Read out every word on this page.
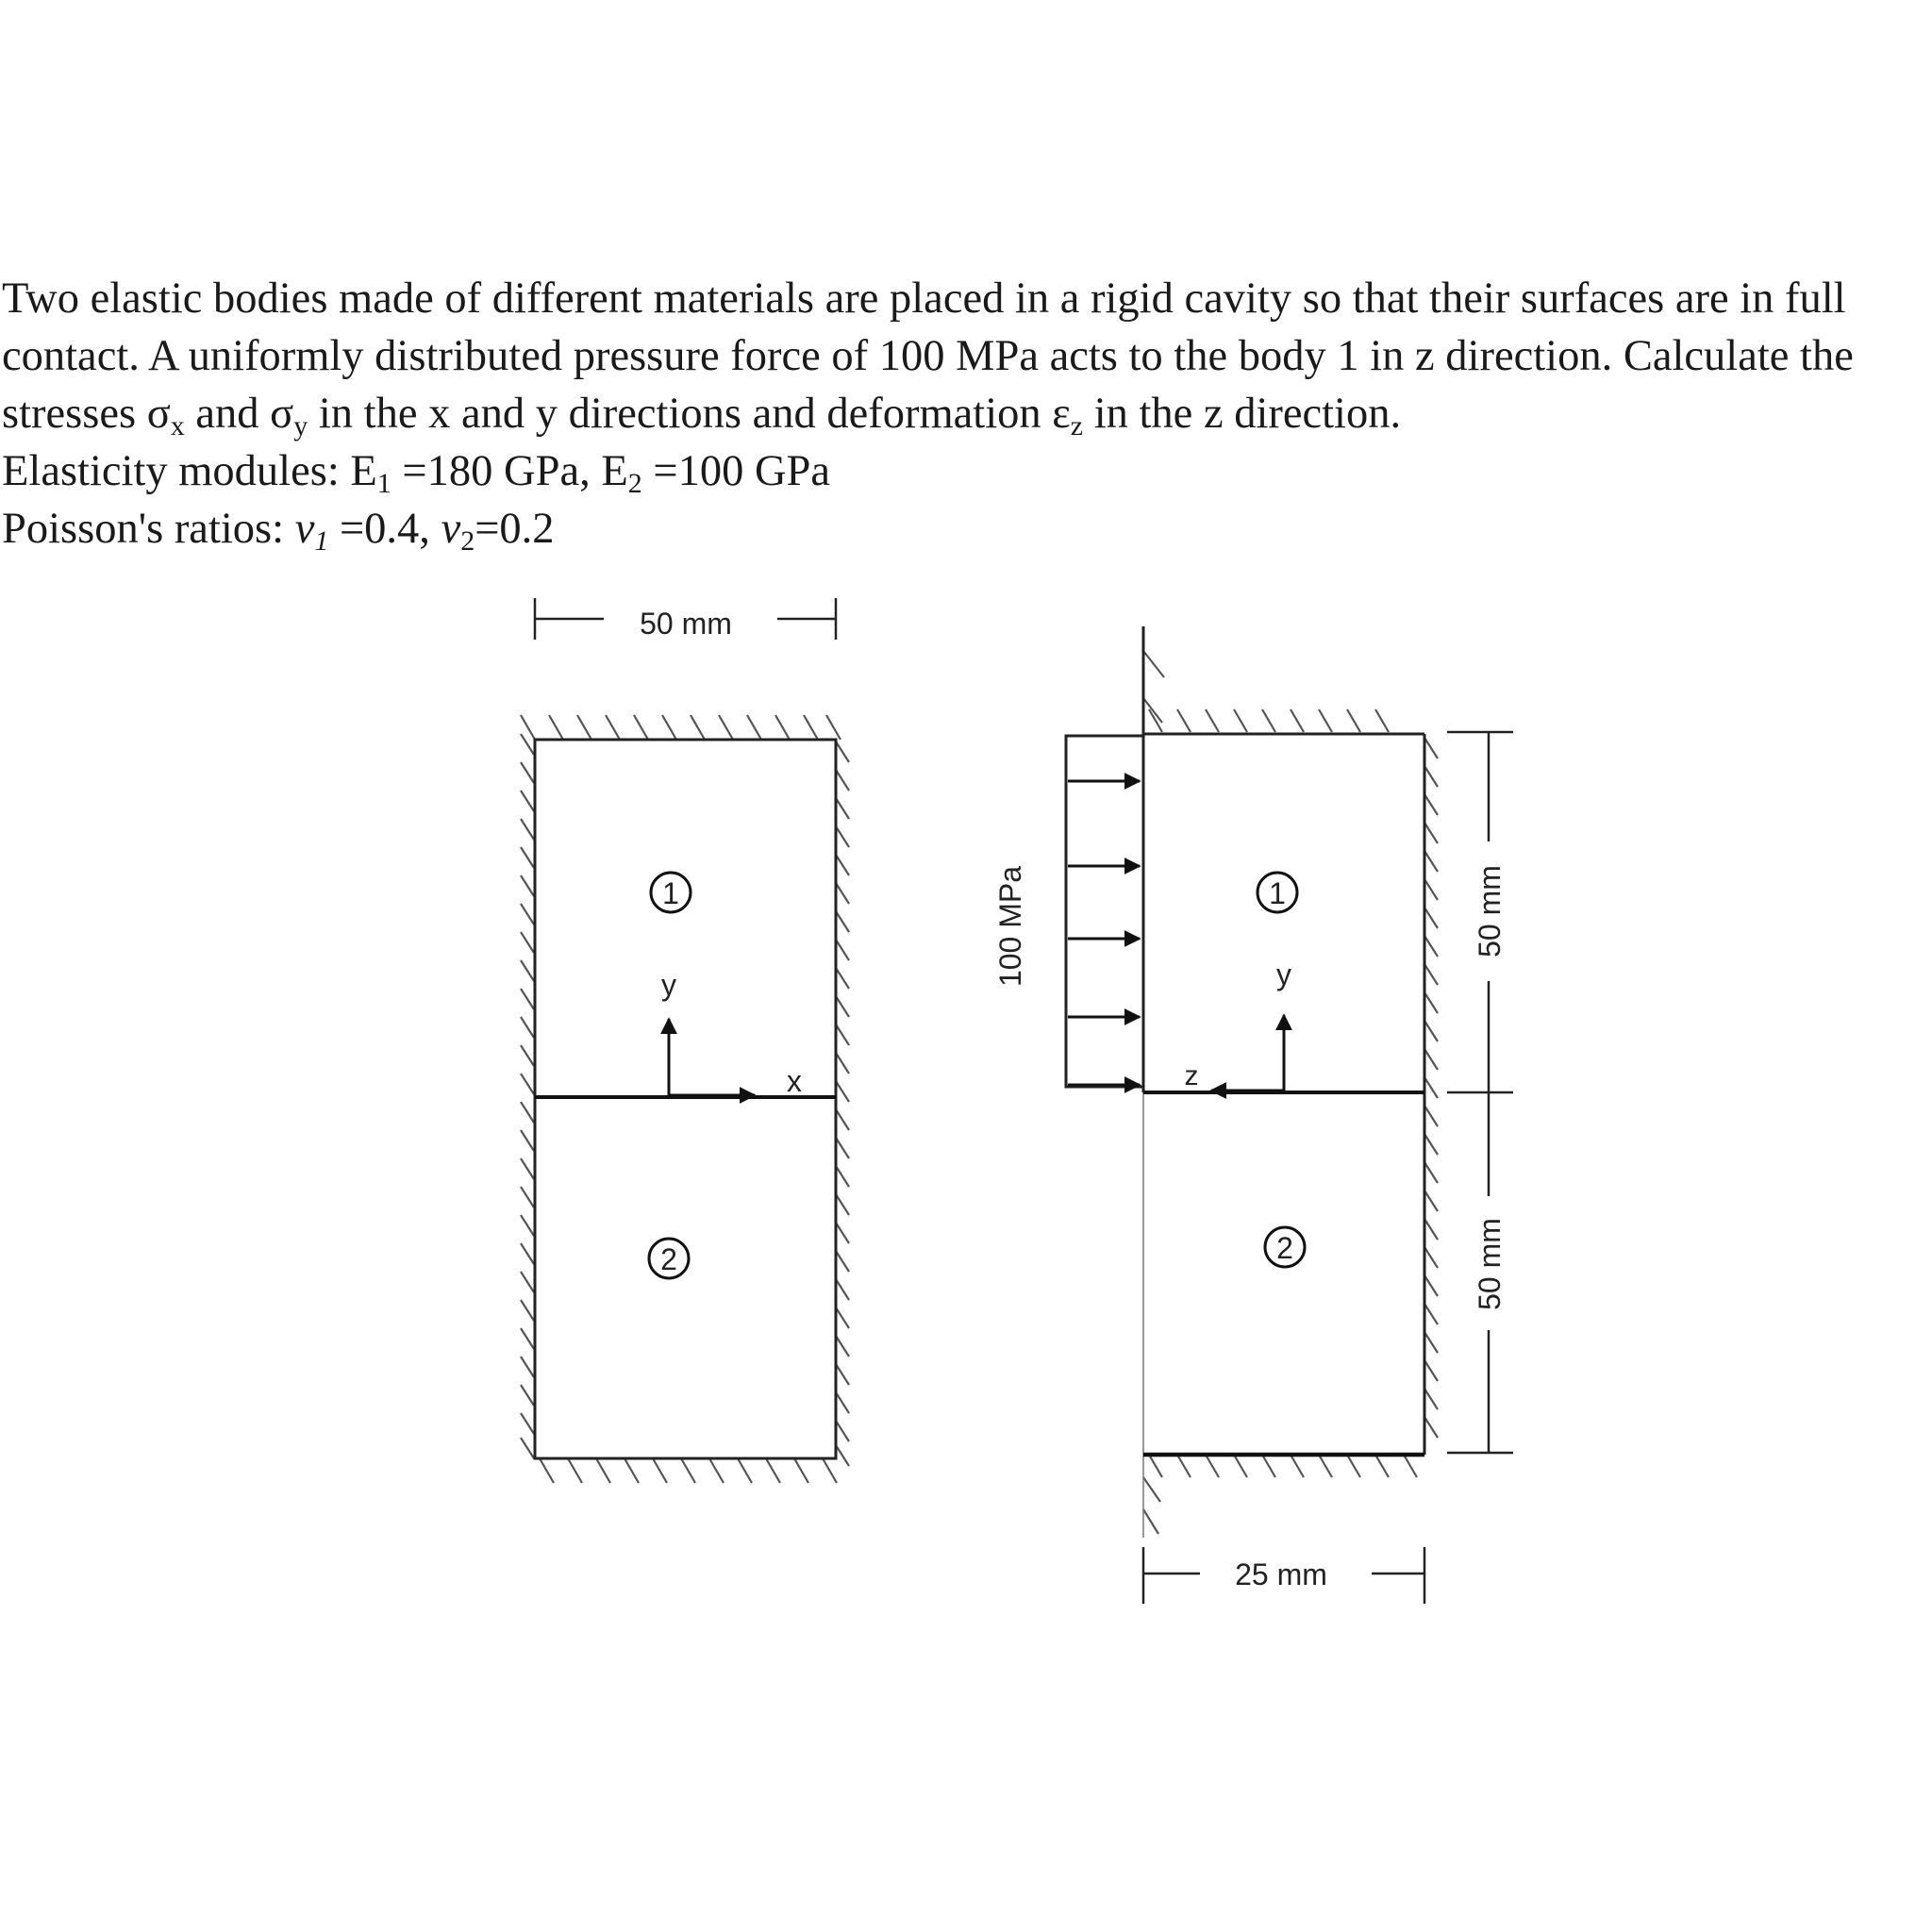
Two elastic bodies made of different materials are placed in a rigid cavity so that their surfaces are in full

contact. A uniformly distributed pressure force of 100 MPa acts to the body 1 in z direction. Calculate the

stresses $\sigma_x$ and $\sigma_y$ in the x and y directions and deformation $\varepsilon_z$ in the z direction.

Elasticity modules: $E_1 =180$ GPa, $E_2 =100$ GPa

Poisson's ratios: $\nu_1 =0.4$, $\nu_2=0.2$

50 mm
1
2
y
x
100 MPa	1
2
y
z
50 mm
50 mm
25 mm
